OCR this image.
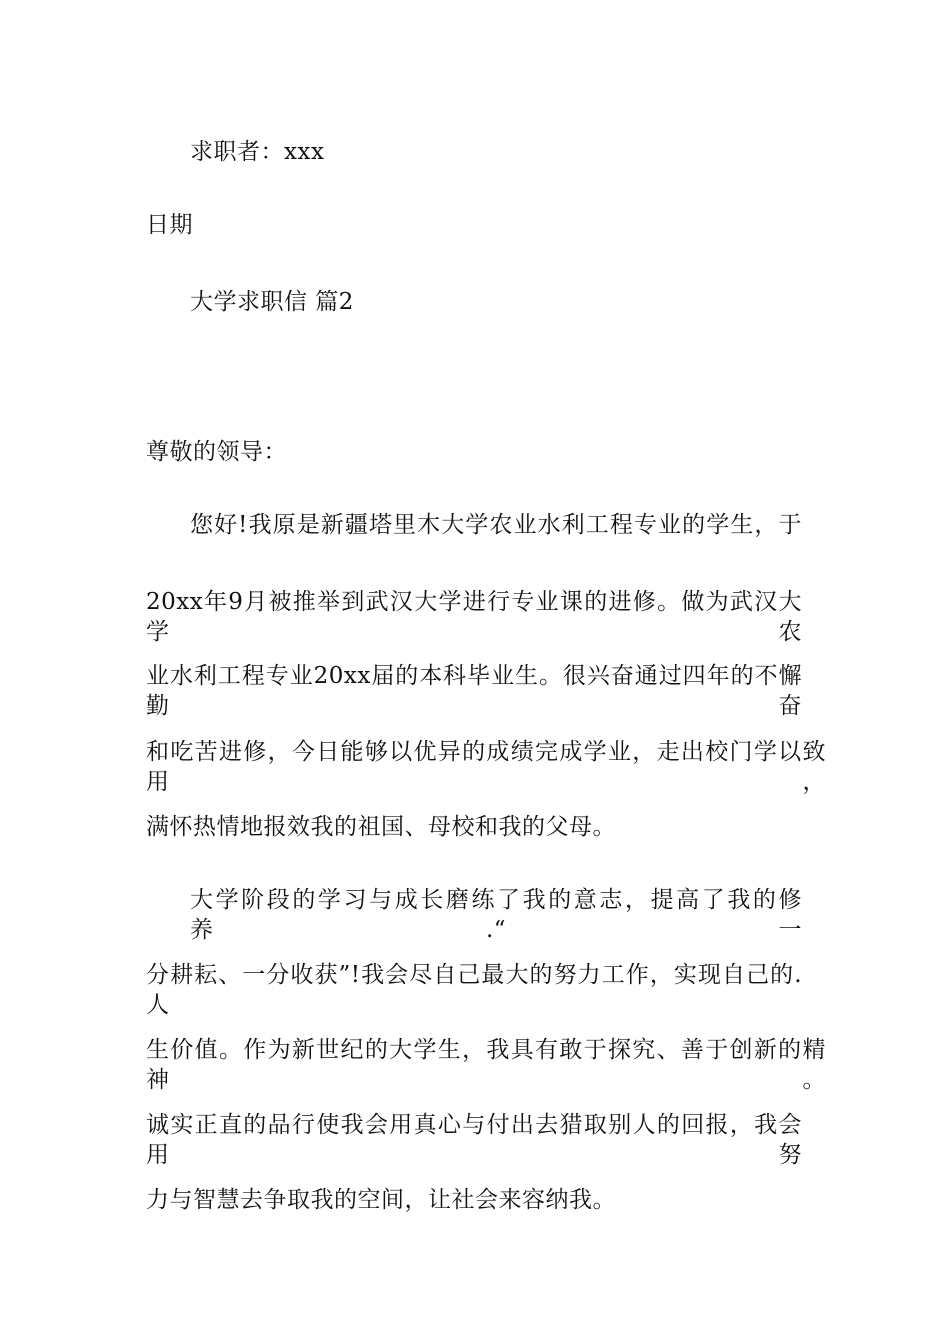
求职者：xxx
日期
大学求职信 篇2
尊敬的领导：
您好!我原是新疆塔里木大学农业水利工程专业的学生，于
20xx年9月被推举到武汉大学进行专业课的进修。做为武汉大学农
业水利工程专业20xx届的本科毕业生。很兴奋通过四年的不懈勤奋
和吃苦进修，今日能够以优异的成绩完成学业，走出校门学以致用，
满怀热情地报效我的祖国、母校和我的父母。
大学阶段的学习与成长磨练了我的意志，提高了我的修养.“一
分耕耘、一分收获”!我会尽自己最大的努力工作，实现自己的.人
生价值。作为新世纪的大学生，我具有敢于探究、善于创新的精神。
诚实正直的品行使我会用真心与付出去猎取别人的回报，我会用努
力与智慧去争取我的空间，让社会来容纳我。
